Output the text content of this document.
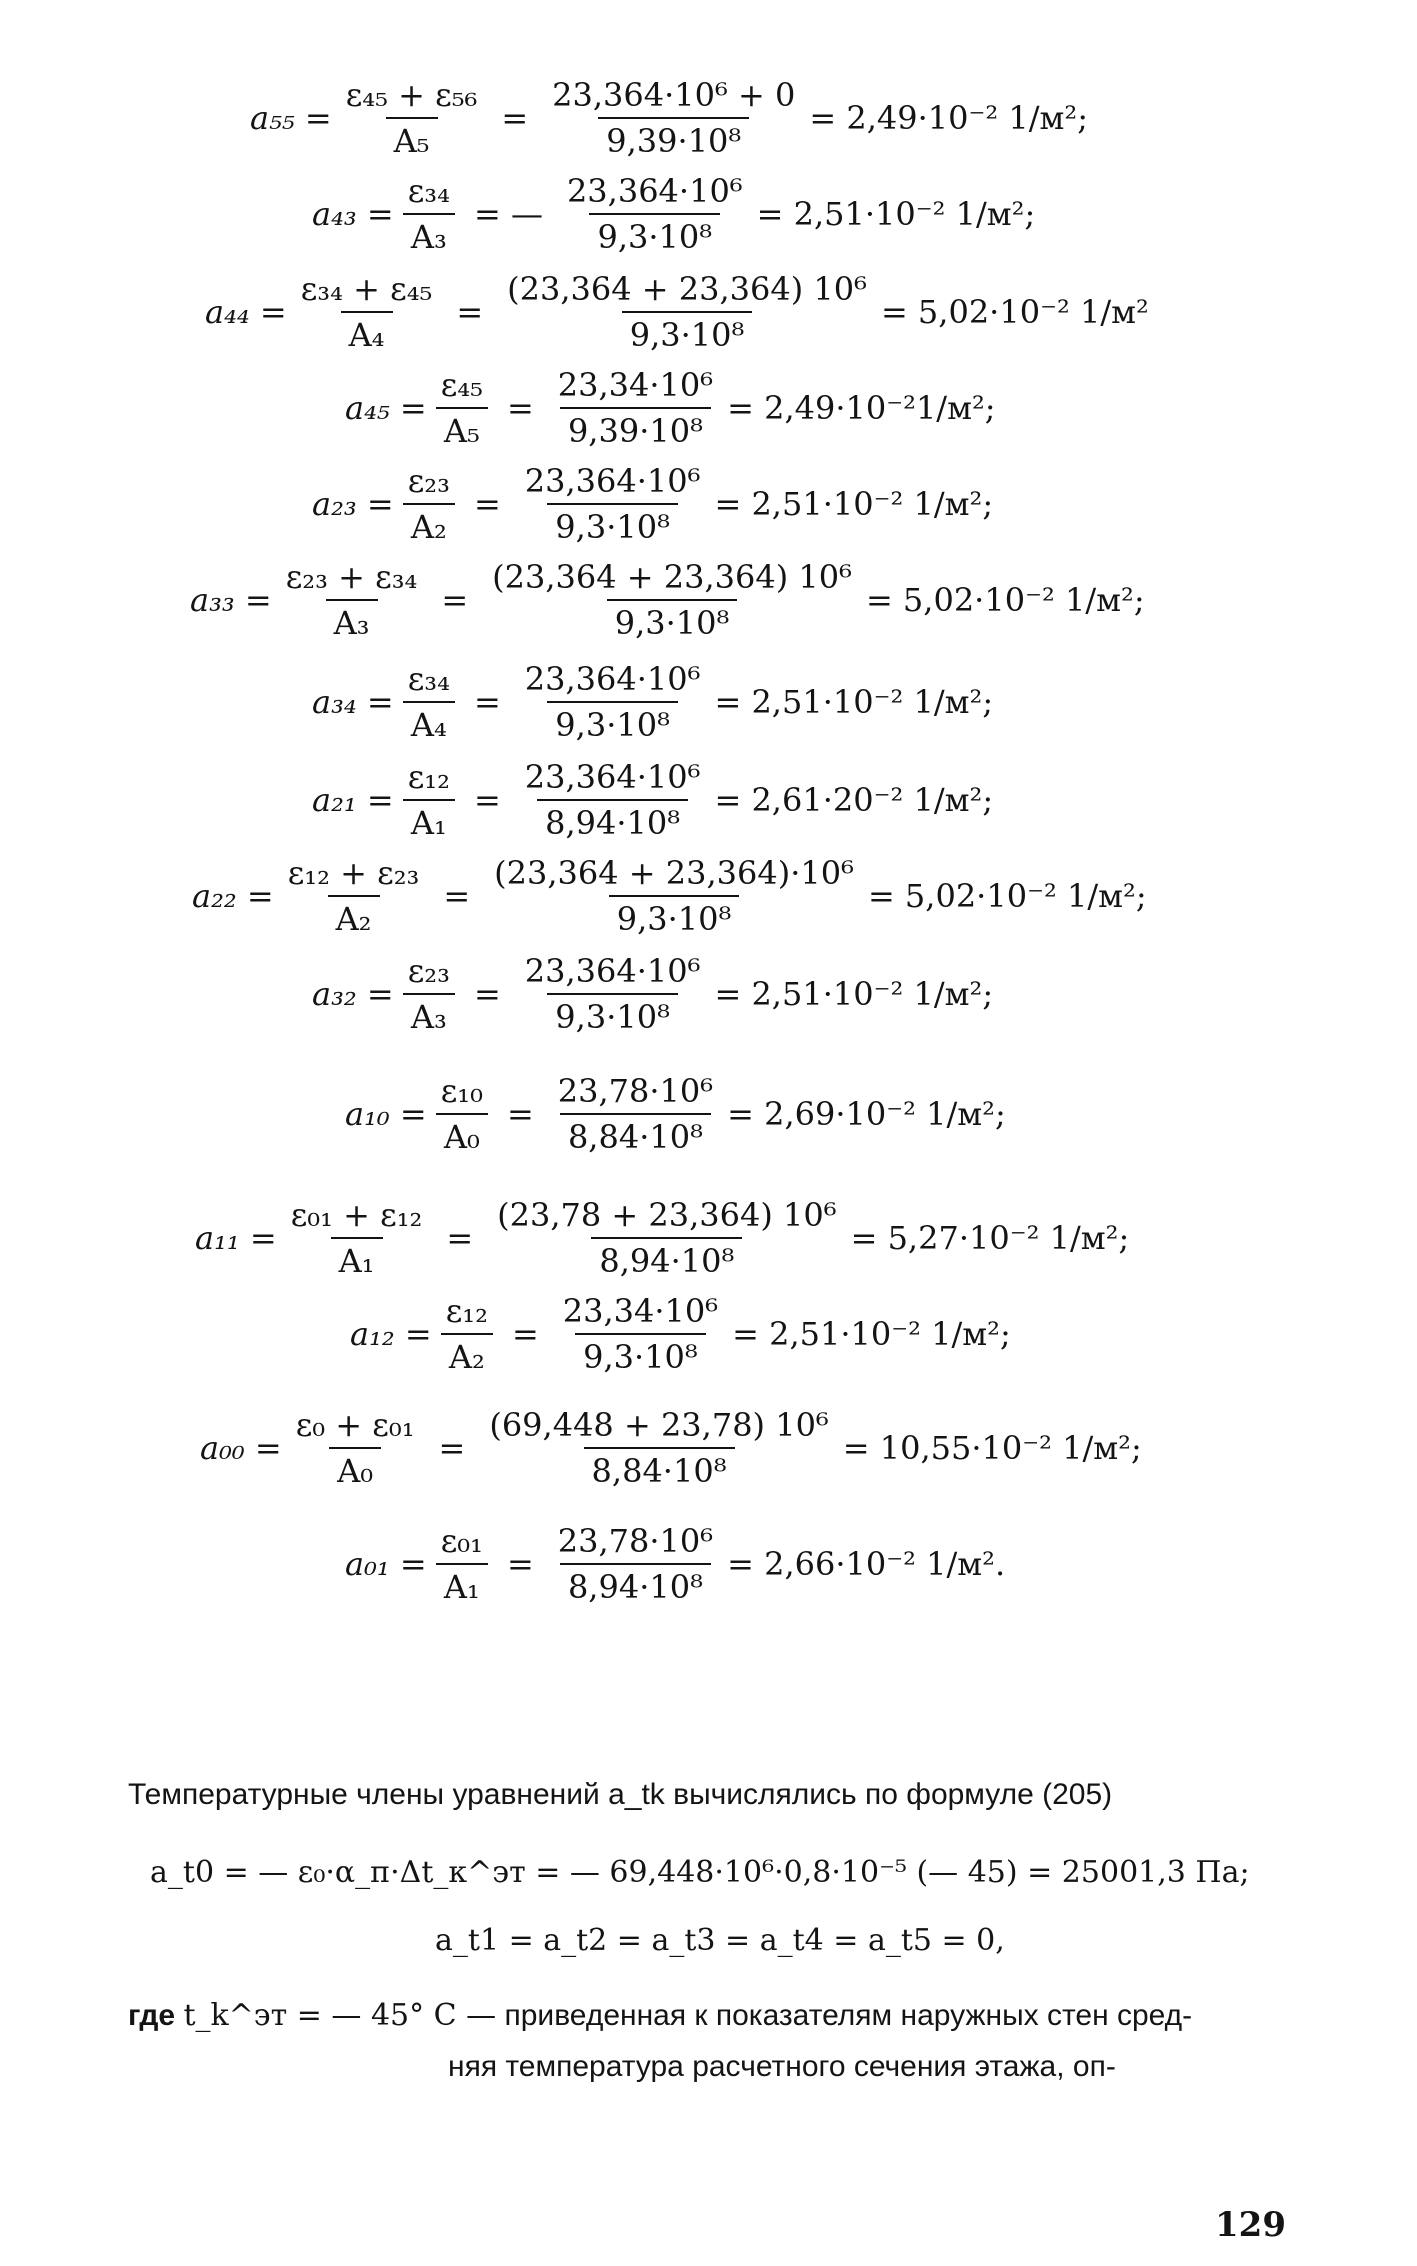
$a_{55} = \frac{\text{ε₄₅ + ε₅₆}}{\text{A₅}} = \frac{\text{23,364·10⁶ + 0}}{\text{9,39·10⁸}} = 2,49\cdot 10^{-2}$ 1/м²;
$a_{43} = \frac{\text{ε₃₄}}{\text{A₃}}$ = — $\frac{\text{23,364·10⁶}}{\text{9,3·10⁸}} = 2,51\cdot 10^{-2}$ 1/м²;
$a_{44} = \frac{\text{ε₃₄ + ε₄₅}}{\text{A₄}} = \frac{\text{(23,364 + 23,364) 10⁶}}{\text{9,3·10⁸}} = 5,02\cdot 10^{-2}$ 1/м²
$a_{45} = \frac{\text{ε₄₅}}{\text{A₅}} = \frac{\text{23,34·10⁶}}{\text{9,39·10⁸}} = 2,49\cdot 10^{-2}1/м^2$;
$a_{23} = \frac{\text{ε₂₃}}{\text{A₂}} = \frac{\text{23,364·10⁶}}{\text{9,3·10⁸}} = 2,51\cdot 10^{-2}$ 1/м²;
$a_{33} = \frac{\text{ε₂₃ + ε₃₄}}{\text{A₃}} = \frac{\text{(23,364 + 23,364) 10⁶}}{\text{9,3·10⁸}} = 5,02\cdot 10^{-2}$ 1/м²;
$a_{34} = \frac{\text{ε₃₄}}{\text{A₄}} = \frac{\text{23,364·10⁶}}{\text{9,3·10⁸}} = 2,51\cdot 10^{-2}$ 1/м²;
$a_{21} = \frac{\text{ε₁₂}}{\text{A₁}} = \frac{\text{23,364·10⁶}}{\text{8,94·10⁸}} = 2,61\cdot 20^{-2}$ 1/м²;
$a_{22} = \frac{\text{ε₁₂ + ε₂₃}}{\text{A₂}} = \frac{\text{(23,364 + 23,364)·10⁶}}{\text{9,3·10⁸}} = 5,02\cdot 10^{-2}$ 1/м²;
$a_{32} = \frac{\text{ε₂₃}}{\text{A₃}} = \frac{\text{23,364·10⁶}}{\text{9,3·10⁸}} = 2,51\cdot 10^{-2}$ 1/м²;
$a_{10} = \frac{\text{ε₁₀}}{\text{A₀}} = \frac{\text{23,78·10⁶}}{\text{8,84·10⁸}} = 2,69\cdot 10^{-2}$ 1/м²;
$a_{11} = \frac{\text{ε₀₁ + ε₁₂}}{\text{A₁}} = \frac{\text{(23,78 + 23,364) 10⁶}}{\text{8,94·10⁸}} = 5,27\cdot 10^{-2}$ 1/м²;
$a_{12} = \frac{\text{ε₁₂}}{\text{A₂}} = \frac{\text{23,34·10⁶}}{\text{9,3·10⁸}} = 2,51\cdot 10^{-2}$ 1/м²;
$a_{00} = \frac{\text{ε₀ + ε₀₁}}{\text{A₀}} = \frac{\text{(69,448 + 23,78) 10⁶}}{\text{8,84·10⁸}} = 10,55\cdot 10^{-2}$ 1/м²;
$a_{01} = \frac{\text{ε₀₁}}{\text{A₁}} = \frac{\text{23,78·10⁶}}{\text{8,94·10⁸}} = 2,66\cdot 10^{-2}$ 1/м².
Температурные члены уравнений a_tk вычислялись по формуле (205)
a_t0 = — ε₀·α_п·Δt_к^эт = — 69,448·10⁶·0,8·10⁻⁵ (— 45) = 25001,3 Па;
a_t1 = a_t2 = a_t3 = a_t4 = a_t5 = 0,
где t_k^эт = — 45° C — приведенная к показателям наружных стен сред-
няя температура расчетного сечения этажа, оп-
129
